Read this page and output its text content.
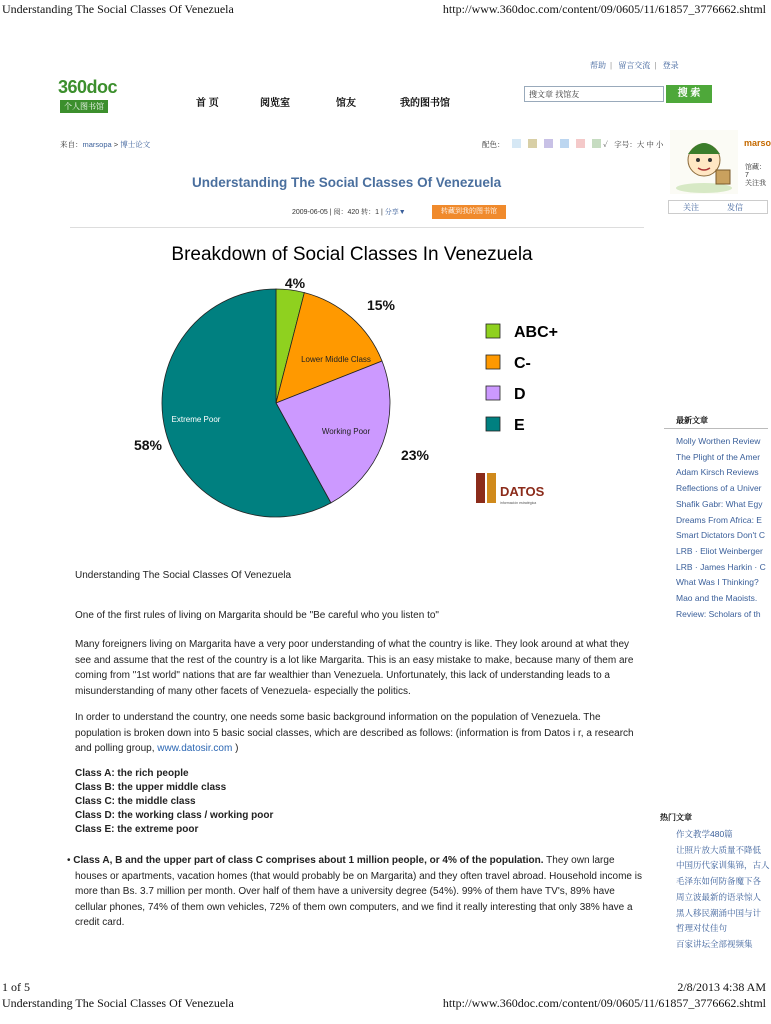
Understanding The Social Classes Of Venezuela	http://www.360doc.com/content/09/0605/11/61857_3776662.shtml
帮助 | 留言交流 | 登录
360doc
个人图书馆	首 页	阅览室	馆友	我的图书馆
搜文章 找馆友	搜 索
来自：marsopa > 博士论文	配色：	✓ 字号：大 中 小	marso
馆藏：7
关注我
关注	发信
Understanding The Social Classes Of Venezuela
2009-06-05 | 阅：420 转：1 | 分享▼	转藏到我的图书馆
Breakdown of Social Classes In Venezuela
Lower Middle Class
Working Poor
Extreme Poor
4%
15%
23%
58%
ABC+
C-
D
E
DATOS
información estratégica
Understanding The Social Classes Of Venezuela
One of the first rules of living on Margarita should be "Be careful who you listen to"
Many foreigners living on Margarita have a very poor understanding of what the country is like. They look around at what they see and assume that the rest of the country is a lot like Margarita. This is an easy mistake to make, because many of them are coming from "1st world" nations that are far wealthier than Venezuela. Unfortunately, this lack of understanding leads to a misunderstanding of many other facets of Venezuela- especially the politics.
In order to understand the country, one needs some basic background information on the population of Venezuela. The population is broken down into 5 basic social classes, which are described as follows: (information is from Datos i r, a research and polling group, www.datosir.com )
Class A: the rich people
Class B: the upper middle class
Class C: the middle class
Class D: the working class / working poor
Class E: the extreme poor
• Class A, B and the upper part of class C comprises about 1 million people, or 4% of the population. They own large houses or apartments, vacation homes (that would probably be on Margarita) and they often travel abroad. Household income is more than Bs. 3.7 million per month. Over half of them have a university degree (54%). 99% of them have TV's, 89% have cellular phones, 74% of them own vehicles, 72% of them own computers, and we find it really interesting that only 38% have a credit card.
最新文章
Molly Worthen Review
The Plight of the Amer
Adam Kirsch Reviews
Reflections of a Univer
Shafik Gabr: What Egy
Dreams From Africa: E
Smart Dictators Don't C
LRB · Eliot Weinberger
LRB · James Harkin · C
What Was I Thinking?
Mao and the Maoists.
Review: Scholars of th
热门文章
作文教学480篇
让照片放大质量不降低
中国历代家训集锦，古人
毛泽东如何防备魔下各
周立波最新的语录惊人
黑人移民潮涌中国与计
哲理对仗佳句
百家讲坛全部视频集
1 of 5	2/8/2013 4:38 AM
Understanding The Social Classes Of Venezuela	http://www.360doc.com/content/09/0605/11/61857_3776662.shtml
